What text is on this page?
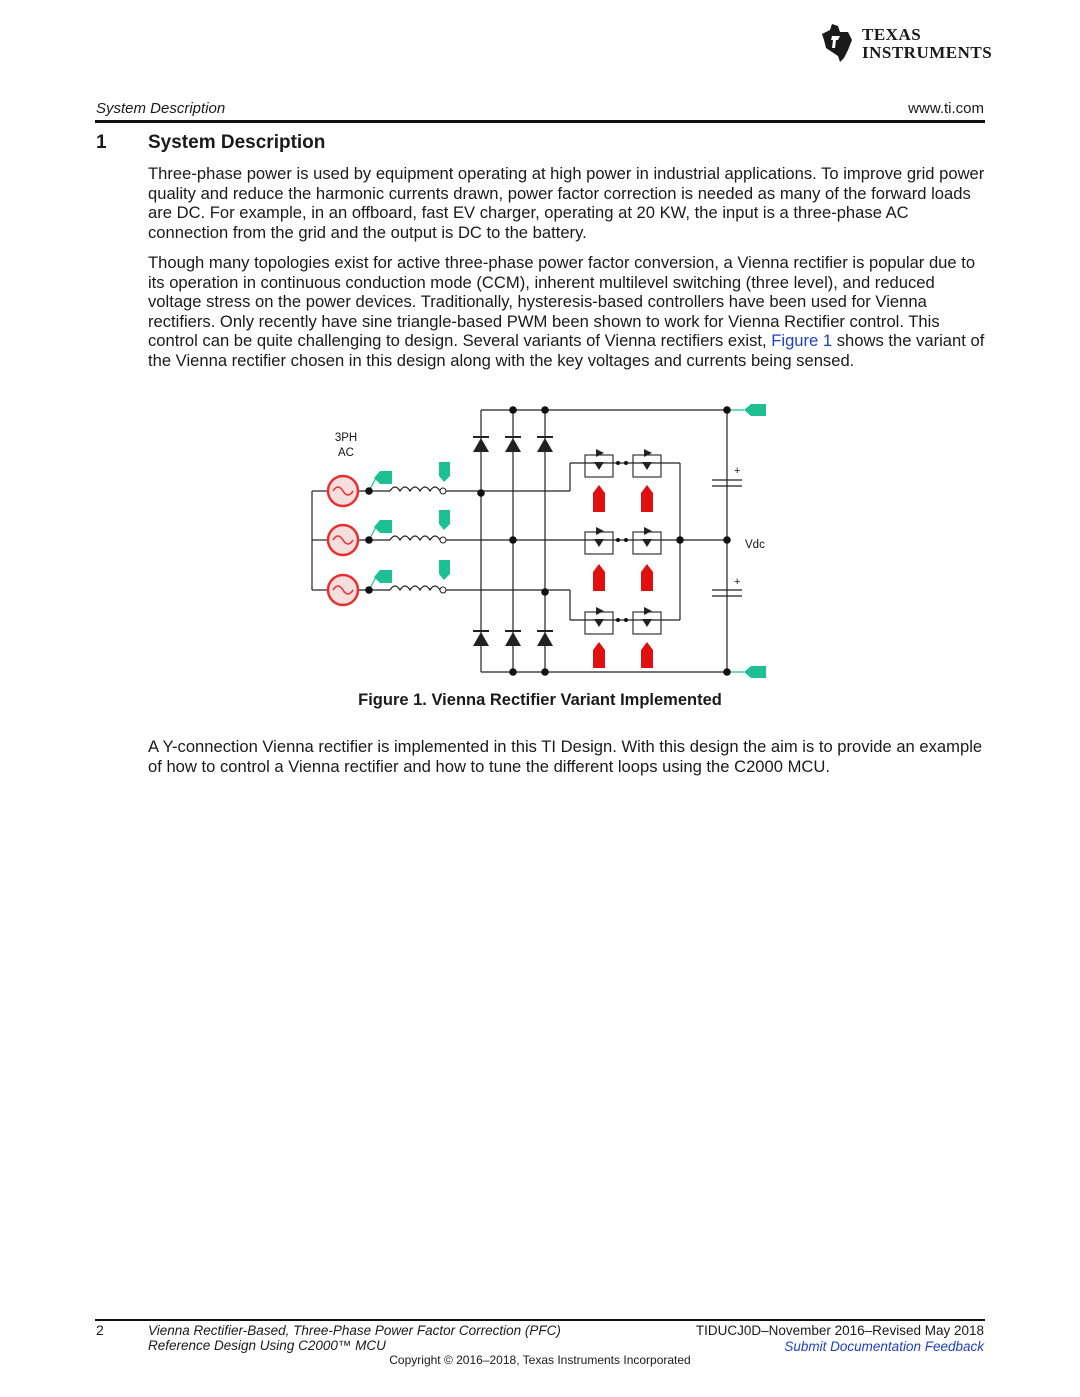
TEXAS
INSTRUMENTS
System Description	www.ti.com
1 System Description

Three-phase power is used by equipment operating at high power in industrial applications. To improve grid power quality and reduce the harmonic currents drawn, power factor correction is needed as many of the forward loads are DC. For example, in an offboard, fast EV charger, operating at 20 KW, the input is a three-phase AC connection from the grid and the output is DC to the battery.

Though many topologies exist for active three-phase power factor conversion, a Vienna rectifier is popular due to its operation in continuous conduction mode (CCM), inherent multilevel switching (three level), and reduced voltage stress on the power devices. Traditionally, hysteresis-based controllers have been used for Vienna rectifiers. Only recently have sine triangle-based PWM been shown to work for Vienna Rectifier control. This control can be quite challenging to design. Several variants of Vienna rectifiers exist, Figure 1 shows the variant of the Vienna rectifier chosen in this design along with the key voltages and currents being sensed.

3PH
AC
Vdc
+
+
Figure 1. Vienna Rectifier Variant Implemented

A Y-connection Vienna rectifier is implemented in this TI Design. With this design the aim is to provide an example of how to control a Vienna rectifier and how to tune the different loops using the C2000 MCU.

2	Vienna Rectifier-Based, Three-Phase Power Factor Correction (PFC)
Reference Design Using C2000™ MCU
TIDUCJ0D–November 2016–Revised May 2018
Submit Documentation Feedback
Copyright © 2016–2018, Texas Instruments Incorporated
